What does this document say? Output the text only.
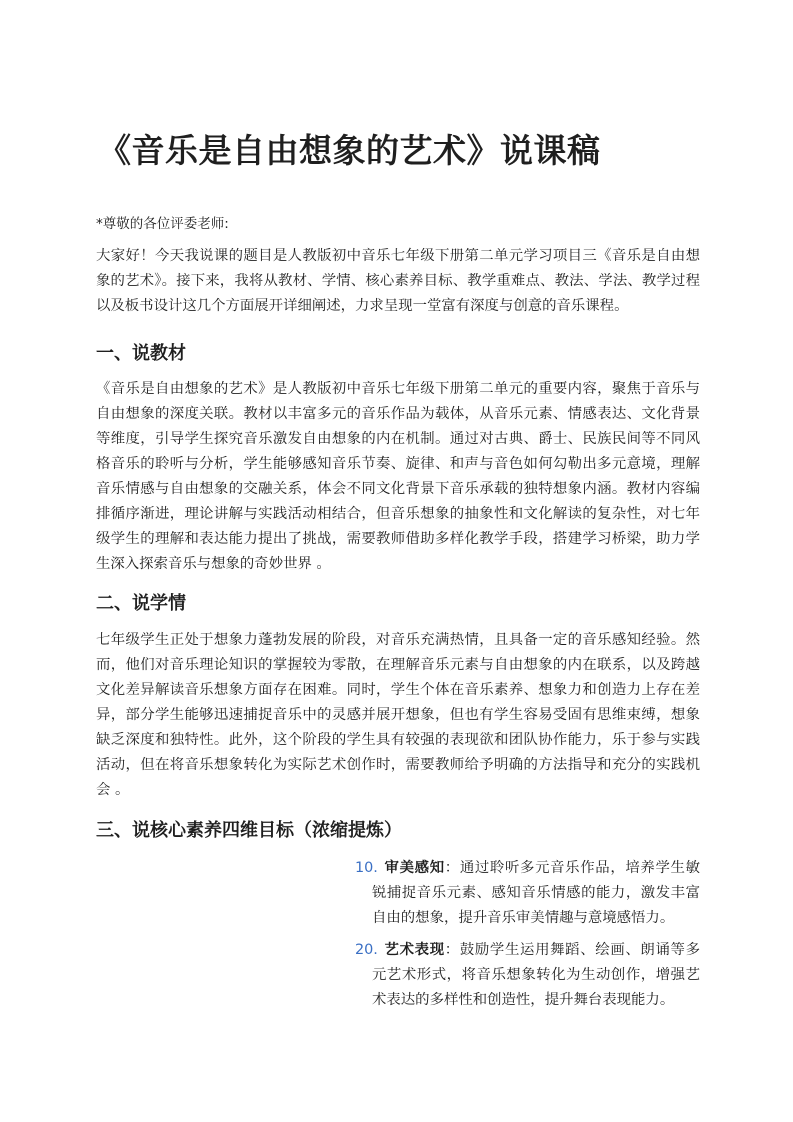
《音乐是自由想象的艺术》说课稿

*尊敬的各位评委老师:

大家好！今天我说课的题目是人教版初中音乐七年级下册第二单元学习项目三《音乐是自由想象的艺术》。接下来，我将从教材、学情、核心素养目标、教学重难点、教法、学法、教学过程以及板书设计这几个方面展开详细阐述，力求呈现一堂富有深度与创意的音乐课程。

一、说教材

《音乐是自由想象的艺术》是人教版初中音乐七年级下册第二单元的重要内容，聚焦于音乐与自由想象的深度关联。教材以丰富多元的音乐作品为载体，从音乐元素、情感表达、文化背景等维度，引导学生探究音乐激发自由想象的内在机制。通过对古典、爵士、民族民间等不同风格音乐的聆听与分析，学生能够感知音乐节奏、旋律、和声与音色如何勾勒出多元意境，理解音乐情感与自由想象的交融关系，体会不同文化背景下音乐承载的独特想象内涵。教材内容编排循序渐进，理论讲解与实践活动相结合，但音乐想象的抽象性和文化解读的复杂性，对七年级学生的理解和表达能力提出了挑战，需要教师借助多样化教学手段，搭建学习桥梁，助力学生深入探索音乐与想象的奇妙世界 。

二、说学情

七年级学生正处于想象力蓬勃发展的阶段，对音乐充满热情，且具备一定的音乐感知经验。然而，他们对音乐理论知识的掌握较为零散，在理解音乐元素与自由想象的内在联系，以及跨越文化差异解读音乐想象方面存在困难。同时，学生个体在音乐素养、想象力和创造力上存在差异，部分学生能够迅速捕捉音乐中的灵感并展开想象，但也有学生容易受固有思维束缚，想象缺乏深度和独特性。此外，这个阶段的学生具有较强的表现欲和团队协作能力，乐于参与实践活动，但在将音乐想象转化为实际艺术创作时，需要教师给予明确的方法指导和充分的实践机会 。

三、说核心素养四维目标（浓缩提炼）
10. 审美感知：通过聆听多元音乐作品，培养学生敏锐捕捉音乐元素、感知音乐情感的能力，激发丰富自由的想象，提升音乐审美情趣与意境感悟力。
20. 艺术表现：鼓励学生运用舞蹈、绘画、朗诵等多元艺术形式，将音乐想象转化为生动创作，增强艺术表达的多样性和创造性，提升舞台表现能力。
